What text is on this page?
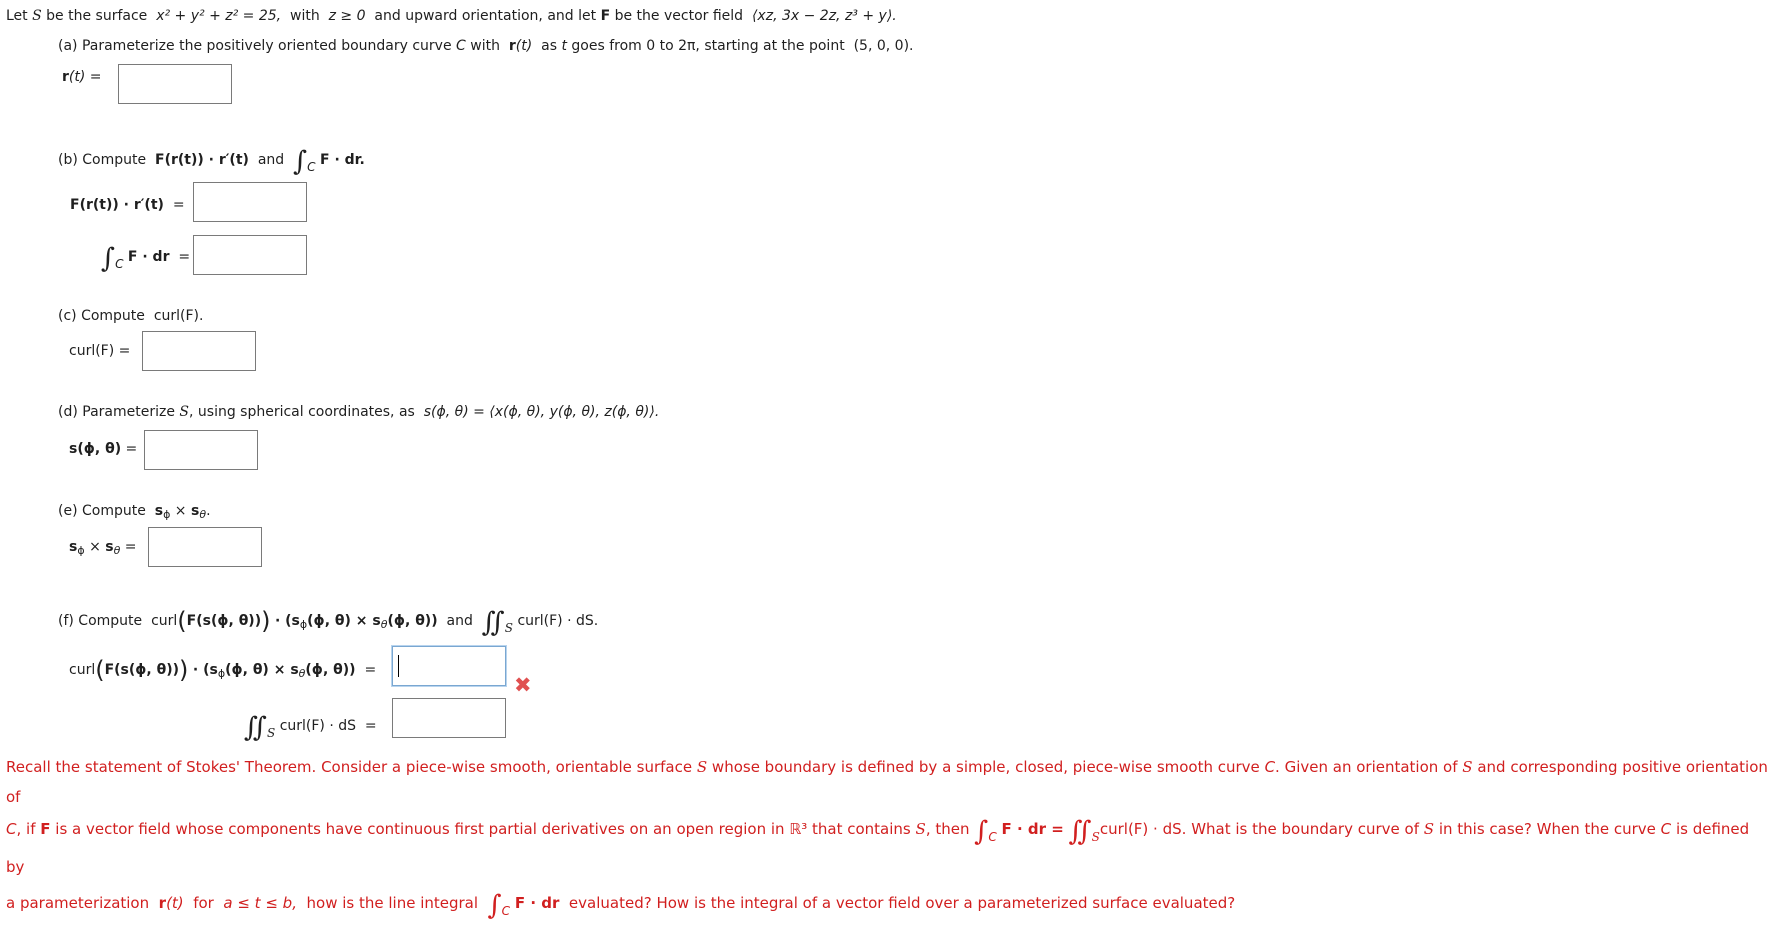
Let S be the surface x² + y² + z² = 25, with z ≥ 0 and upward orientation, and let F be the vector field ⟨xz, 3x − 2z, z³ + y⟩.
(a) Parameterize the positively oriented boundary curve C with r(t) as t goes from 0 to 2π, starting at the point (5, 0, 0).
r(t) =
(b) Compute F(r(t)) · r′(t) and ∫C F · dr.
F(r(t)) · r′(t) =
∫C F · dr =
(c) Compute curl(F).
curl(F) =
(d) Parameterize S, using spherical coordinates, as s(ϕ, θ) = ⟨x(ϕ, θ), y(ϕ, θ), z(ϕ, θ)⟩.
s(ϕ, θ) =
(e) Compute $s_\phi \times s_\theta$.
$s_\phi \times s_\theta$ =
(f) Compute curl(F(s(ϕ, $\theta))) \cdot (s_\phi(\phi$, $\theta) \times s_\theta(\phi$, θ)) and ∬S curl(F) · dS.
curl(F(s(ϕ, $\theta))) \cdot (s_\phi(\phi$, $\theta) \times s_\theta(\phi$, θ)) =
✖
∬S curl(F) · dS =
Recall the statement of Stokes' Theorem. Consider a piece-wise smooth, orientable surface S whose boundary is defined by a simple, closed, piece-wise smooth curve C. Given an orientation of S and corresponding positive orientation of
C, if F is a vector field whose components have continuous first partial derivatives on an open region in ℝ³ that contains S, then $\int_C$ F · dr = $∬_Scurl(F)$ · dS. What is the boundary curve of S in this case? When the curve C is defined by
a parameterization r(t) for a ≤ t ≤ b, how is the line integral $\int_C$ F · dr evaluated? How is the integral of a vector field over a parameterized surface evaluated?
